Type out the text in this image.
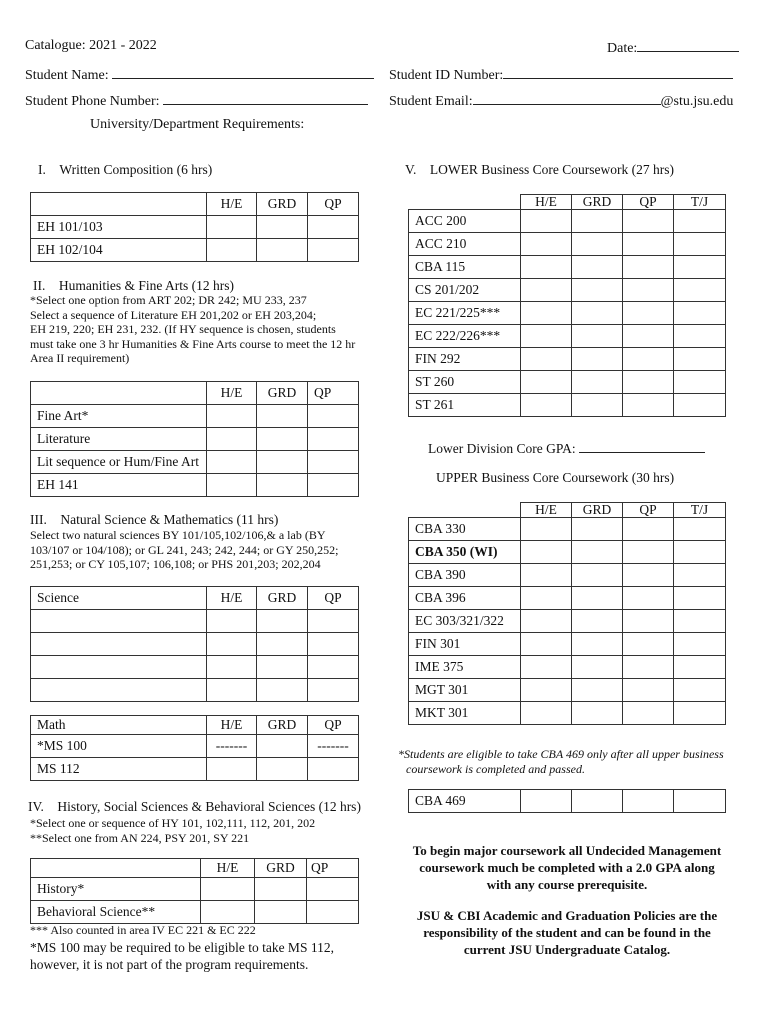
Catalogue: 2021 - 2022	Date:
Student Name:	Student ID Number:
Student Phone Number:	Student Email:	@stu.jsu.edu
University/Department Requirements:
I. Written Composition (6 hrs)
	H/E	GRD	QP
EH 101/103			
EH 102/104			
II. Humanities & Fine Arts (12 hrs)
*Select one option from ART 202; DR 242; MU 233, 237
Select a sequence of Literature EH 201,202 or EH 203,204;
EH 219, 220; EH 231, 232. (If HY sequence is chosen, students
must take one 3 hr Humanities & Fine Arts course to meet the 12 hr
Area II requirement)
	H/E	GRD	QP
Fine Art*			
Literature			
Lit sequence or Hum/Fine Art			
EH 141			
III. Natural Science & Mathematics (11 hrs)
Select two natural sciences BY 101/105,102/106,& a lab (BY
103/107 or 104/108); or GL 241, 243; 242, 244; or GY 250,252;
251,253; or CY 105,107; 106,108; or PHS 201,203; 202,204
Science	H/E	GRD	QP

Math	H/E	GRD	QP
*MS 100	-------		-------
MS 112			
IV. History, Social Sciences & Behavioral Sciences (12 hrs)
*Select one or sequence of HY 101, 102,111, 112, 201, 202
**Select one from AN 224, PSY 201, SY 221
	H/E	GRD	QP
History*			
Behavioral Science**			
*** Also counted in area IV EC 221 & EC 222
*MS 100 may be required to be eligible to take MS 112,
however, it is not part of the program requirements.
V. LOWER Business Core Coursework (27 hrs)
	H/E	GRD	QP	T/J
ACC 200				
ACC 210				
CBA 115				
CS 201/202				
EC 221/225***				
EC 222/226***				
FIN 292				
ST 260				
ST 261				
Lower Division Core GPA:
UPPER Business Core Coursework (30 hrs)
	H/E	GRD	QP	T/J
CBA 330				
CBA 350 (WI)				
CBA 390				
CBA 396				
EC 303/321/322				
FIN 301				
IME 375				
MGT 301				
MKT 301				
*Students are eligible to take CBA 469 only after all upper business
coursework is completed and passed.
CBA 469				
To begin major coursework all Undecided Management
coursework much be completed with a 2.0 GPA along
with any course prerequisite.
JSU & CBI Academic and Graduation Policies are the
responsibility of the student and can be found in the
current JSU Undergraduate Catalog.
